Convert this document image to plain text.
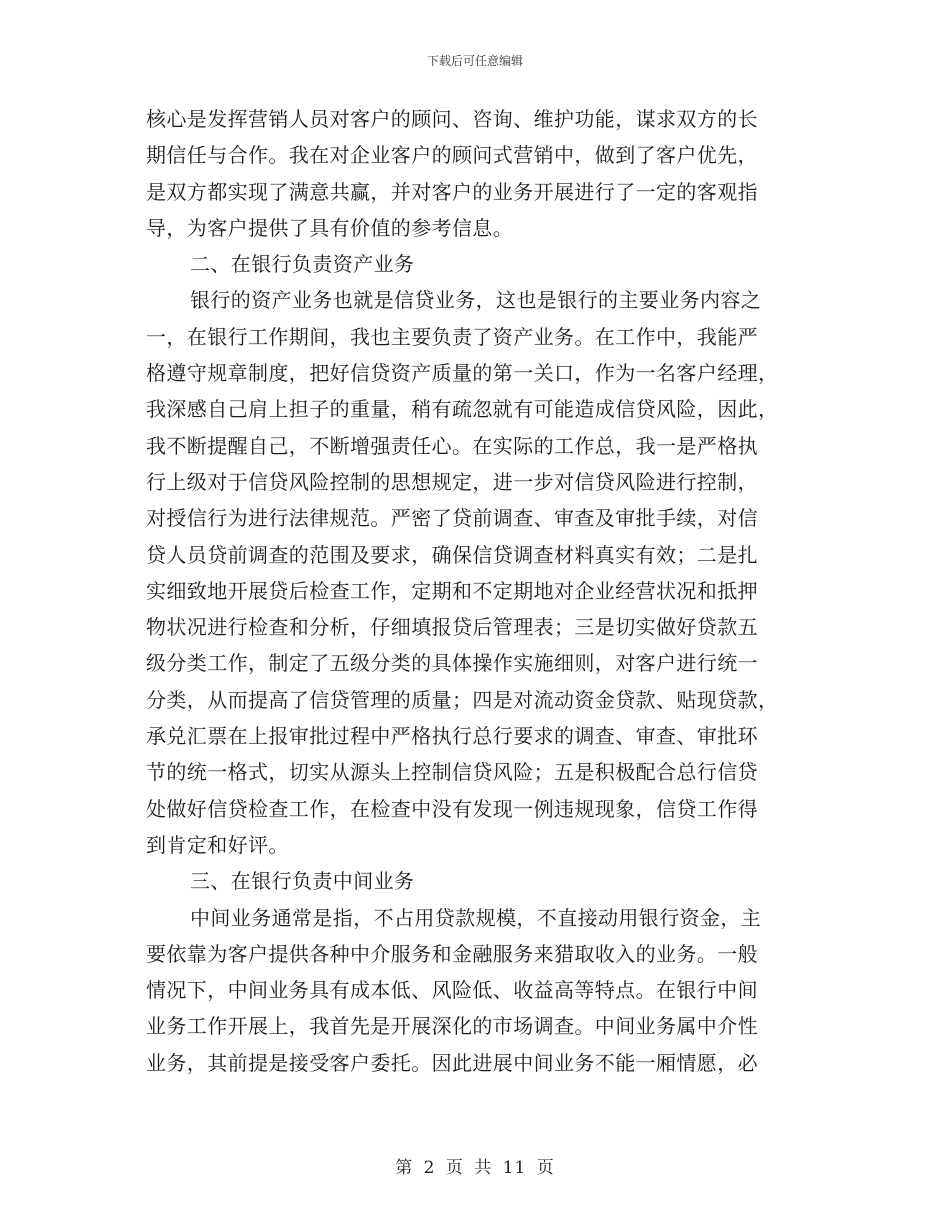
下载后可任意编辑
核心是发挥营销人员对客户的顾问、咨询、维护功能，谋求双方的长
期信任与合作。我在对企业客户的顾问式营销中，做到了客户优先，
是双方都实现了满意共赢，并对客户的业务开展进行了一定的客观指
导，为客户提供了具有价值的参考信息。
二、在银行负责资产业务
银行的资产业务也就是信贷业务，这也是银行的主要业务内容之
一，在银行工作期间，我也主要负责了资产业务。在工作中，我能严
格遵守规章制度，把好信贷资产质量的第一关口，作为一名客户经理，
我深感自己肩上担子的重量，稍有疏忽就有可能造成信贷风险，因此，
我不断提醒自己，不断增强责任心。在实际的工作总，我一是严格执
行上级对于信贷风险控制的思想规定，进一步对信贷风险进行控制，
对授信行为进行法律规范。严密了贷前调查、审查及审批手续，对信
贷人员贷前调查的范围及要求，确保信贷调查材料真实有效；二是扎
实细致地开展贷后检查工作，定期和不定期地对企业经营状况和抵押
物状况进行检查和分析，仔细填报贷后管理表；三是切实做好贷款五
级分类工作，制定了五级分类的具体操作实施细则，对客户进行统一
分类，从而提高了信贷管理的质量；四是对流动资金贷款、贴现贷款，
承兑汇票在上报审批过程中严格执行总行要求的调查、审查、审批环
节的统一格式，切实从源头上控制信贷风险；五是积极配合总行信贷
处做好信贷检查工作，在检查中没有发现一例违规现象，信贷工作得
到肯定和好评。
三、在银行负责中间业务
中间业务通常是指，不占用贷款规模，不直接动用银行资金，主
要依靠为客户提供各种中介服务和金融服务来猎取收入的业务。一般
情况下，中间业务具有成本低、风险低、收益高等特点。在银行中间
业务工作开展上，我首先是开展深化的市场调查。中间业务属中介性
业务，其前提是接受客户委托。因此进展中间业务不能一厢情愿，必
第 2 页 共 11 页
